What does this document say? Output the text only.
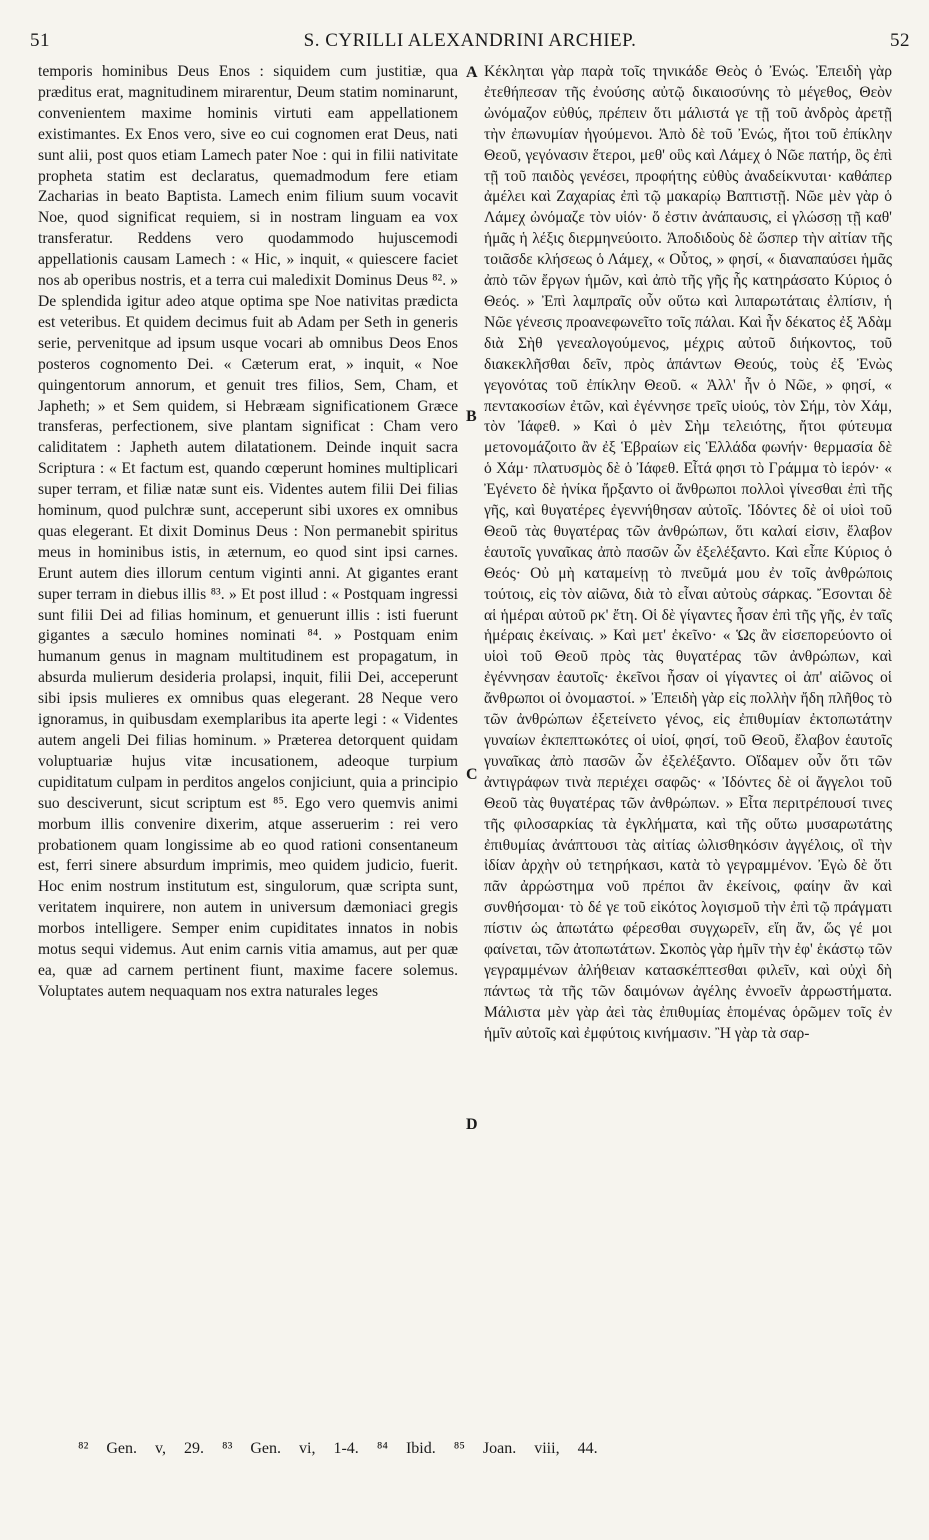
51	S. CYRILLI ALEXANDRINI ARCHIEP.	52

temporis hominibus Deus Enos : siquidem cum justitiæ, qua præditus erat, magnitudinem mirarentur, Deum statim nominarunt, convenientem maxime hominis virtuti eam appellationem existimantes. Ex Enos vero, sive eo cui cognomen erat Deus, nati sunt alii, post quos etiam Lamech pater Noe : qui in filii nativitate propheta statim est declaratus, quemadmodum fere etiam Zacharias in beato Baptista. Lamech enim filium suum vocavit Noe, quod significat requiem, si in nostram linguam ea vox transferatur. Reddens vero quodammodo hujuscemodi appellationis causam Lamech : « Hic, » inquit, « quiescere faciet nos ab operibus nostris, et a terra cui maledixit Dominus Deus ⁸². » De splendida igitur adeo atque optima spe Noe nativitas prædicta est veteribus. Et quidem decimus fuit ab Adam per Seth in generis serie, pervenitque ad ipsum usque vocari ab omnibus Deos Enos posteros cognomento Dei. « Cæterum erat, » inquit, « Noe quingentorum annorum, et genuit tres filios, Sem, Cham, et Japheth; » et Sem quidem, si Hebræam significationem Græce transferas, perfectionem, sive plantam significat : Cham vero caliditatem : Japheth autem dilatationem. Deinde inquit sacra Scriptura : « Et factum est, quando cœperunt homines multiplicari super terram, et filiæ natæ sunt eis. Videntes autem filii Dei filias hominum, quod pulchræ sunt, acceperunt sibi uxores ex omnibus quas elegerant. Et dixit Dominus Deus : Non permanebit spiritus meus in hominibus istis, in æternum, eo quod sint ipsi carnes. Erunt autem dies illorum centum viginti anni. At gigantes erant super terram in diebus illis ⁸³. » Et post illud : « Postquam ingressi sunt filii Dei ad filias hominum, et genuerunt illis : isti fuerunt gigantes a sæculo homines nominati ⁸⁴. » Postquam enim humanum genus in magnam multitudinem est propagatum, in absurda mulierum desideria prolapsi, inquit, filii Dei, acceperunt sibi ipsis mulieres ex omnibus quas elegerant. 28 Neque vero ignoramus, in quibusdam exemplaribus ita aperte legi : « Videntes autem angeli Dei filias hominum. » Præterea detorquent quidam voluptuariæ hujus vitæ incusationem, adeoque turpium cupiditatum culpam in perditos angelos conjiciunt, quia a principio suo desciverunt, sicut scriptum est ⁸⁵. Ego vero quemvis animi morbum illis convenire dixerim, atque asseruerim : rei vero probationem quam longissime ab eo quod rationi consentaneum est, ferri sinere absurdum imprimis, meo quidem judicio, fuerit. Hoc enim nostrum institutum est, singulorum, quæ scripta sunt, veritatem inquirere, non autem in universum dæmoniaci gregis morbos intelligere. Semper enim cupiditates innatos in nobis motus sequi videmus. Aut enim carnis vitia amamus, aut per quæ ea, quæ ad carnem pertinent fiunt, maxime facere solemus. Voluptates autem nequaquam nos extra naturales leges

A
B
C
D

Κέκληται γὰρ παρὰ τοῖς τηνικάδε Θεὸς ὁ Ἐνώς. Ἐπειδὴ γὰρ ἐτεθήπεσαν τῆς ἐνούσης αὐτῷ δικαιοσύνης τὸ μέγεθος, Θεὸν ὠνόμαζον εὐθύς, πρέπειν ὅτι μάλιστά γε τῇ τοῦ ἀνδρὸς ἀρετῇ τὴν ἐπωνυμίαν ἡγούμενοι. Ἀπὸ δὲ τοῦ Ἐνώς, ἤτοι τοῦ ἐπίκλην Θεοῦ, γεγόνασιν ἕτεροι, μεθ' οὓς καὶ Λάμεχ ὁ Νῶε πατήρ, ὃς ἐπὶ τῇ τοῦ παιδὸς γενέσει, προφήτης εὐθὺς ἀναδείκνυται· καθάπερ ἀμέλει καὶ Ζαχαρίας ἐπὶ τῷ μακαρίῳ Βαπτιστῇ. Νῶε μὲν γὰρ ὁ Λάμεχ ὠνόμαζε τὸν υἱόν· ὅ ἐστιν ἀνάπαυσις, εἰ γλώσσῃ τῇ καθ' ἡμᾶς ἡ λέξις διερμηνεύοιτο. Ἀποδιδοὺς δὲ ὥσπερ τὴν αἰτίαν τῆς τοιᾶσδε κλήσεως ὁ Λάμεχ, « Οὗτος, » φησί, « διαναπαύσει ἡμᾶς ἀπὸ τῶν ἔργων ἡμῶν, καὶ ἀπὸ τῆς γῆς ἧς κατηράσατο Κύριος ὁ Θεός. » Ἐπὶ λαμπραῖς οὖν οὕτω καὶ λιπαρωτάταις ἐλπίσιν, ἡ Νῶε γένεσις προανεφωνεῖτο τοῖς πάλαι. Καὶ ἦν δέκατος ἐξ Ἀδὰμ διὰ Σὴθ γενεαλογούμενος, μέχρις αὐτοῦ διήκοντος, τοῦ διακεκλῆσθαι δεῖν, πρὸς ἁπάντων Θεούς, τοὺς ἐξ Ἐνὼς γεγονότας τοῦ ἐπίκλην Θεοῦ. « Ἀλλ' ἦν ὁ Νῶε, » φησί, « πεντακοσίων ἐτῶν, καὶ ἐγέννησε τρεῖς υἱούς, τὸν Σήμ, τὸν Χάμ, τὸν Ἰάφεθ. » Καὶ ὁ μὲν Σὴμ τελειότης, ἤτοι φύτευμα μετονομάζοιτο ἂν ἐξ Ἑβραίων εἰς Ἑλλάδα φωνήν· θερμασία δὲ ὁ Χάμ· πλατυσμὸς δὲ ὁ Ἰάφεθ. Εἶτά φησι τὸ Γράμμα τὸ ἱερόν· « Ἐγένετο δὲ ἡνίκα ἤρξαντο οἱ ἄνθρωποι πολλοὶ γίνεσθαι ἐπὶ τῆς γῆς, καὶ θυγατέρες ἐγεννήθησαν αὐτοῖς. Ἰδόντες δὲ οἱ υἱοὶ τοῦ Θεοῦ τὰς θυγατέρας τῶν ἀνθρώπων, ὅτι καλαί εἰσιν, ἔλαβον ἑαυτοῖς γυναῖκας ἀπὸ πασῶν ὧν ἐξελέξαντο. Καὶ εἶπε Κύριος ὁ Θεός· Οὐ μὴ καταμείνῃ τὸ πνεῦμά μου ἐν τοῖς ἀνθρώποις τούτοις, εἰς τὸν αἰῶνα, διὰ τὸ εἶναι αὐτοὺς σάρκας. Ἔσονται δὲ αἱ ἡμέραι αὐτοῦ ρκ' ἔτη. Οἱ δὲ γίγαντες ἦσαν ἐπὶ τῆς γῆς, ἐν ταῖς ἡμέραις ἐκείναις. » Καὶ μετ' ἐκεῖνο· « Ὡς ἂν εἰσεπορεύοντο οἱ υἱοὶ τοῦ Θεοῦ πρὸς τὰς θυγατέρας τῶν ἀνθρώπων, καὶ ἐγέννησαν ἑαυτοῖς· ἐκεῖνοι ἦσαν οἱ γίγαντες οἱ ἀπ' αἰῶνος οἱ ἄνθρωποι οἱ ὀνομαστοί. » Ἐπειδὴ γὰρ εἰς πολλὴν ἤδη πλῆθος τὸ τῶν ἀνθρώπων ἐξετείνετο γένος, εἰς ἐπιθυμίαν ἐκτοπωτάτην γυναίων ἐκπεπτωκότες οἱ υἱοί, φησί, τοῦ Θεοῦ, ἔλαβον ἑαυτοῖς γυναῖκας ἀπὸ πασῶν ὧν ἐξελέξαντο. Οἴδαμεν οὖν ὅτι τῶν ἀντιγράφων τινὰ περιέχει σαφῶς· « Ἰδόντες δὲ οἱ ἄγγελοι τοῦ Θεοῦ τὰς θυγατέρας τῶν ἀνθρώπων. » Εἶτα περιτρέπουσί τινες τῆς φιλοσαρκίας τὰ ἐγκλήματα, καὶ τῆς οὕτω μυσαρωτάτης ἐπιθυμίας ἀνάπτουσι τὰς αἰτίας ὠλισθηκόσιν ἀγγέλοις, οἳ τὴν ἰδίαν ἀρχὴν οὐ τετηρήκασι, κατὰ τὸ γεγραμμένον. Ἐγὼ δὲ ὅτι πᾶν ἀρρώστημα νοῦ πρέποι ἂν ἐκείνοις, φαίην ἂν καὶ συνθήσομαι· τὸ δέ γε τοῦ εἰκότος λογισμοῦ τὴν ἐπὶ τῷ πράγματι πίστιν ὡς ἀπωτάτω φέρεσθαι συγχωρεῖν, εἴη ἄν, ὥς γέ μοι φαίνεται, τῶν ἀτοπωτάτων. Σκοπὸς γὰρ ἡμῖν τὴν ἐφ' ἑκάστῳ τῶν γεγραμμένων ἀλήθειαν κατασκέπτεσθαι φιλεῖν, καὶ οὐχὶ δὴ πάντως τὰ τῆς τῶν δαιμόνων ἀγέλης ἐννοεῖν ἀρρωστήματα. Μάλιστα μὲν γὰρ ἀεὶ τὰς ἐπιθυμίας ἑπομένας ὁρῶμεν τοῖς ἐν ἡμῖν αὐτοῖς καὶ ἐμφύτοις κινήμασιν. Ἢ γὰρ τὰ σαρ-

⁸² Gen. v, 29. ⁸³ Gen. vi, 1-4. ⁸⁴ Ibid. ⁸⁵ Joan. viii, 44.
